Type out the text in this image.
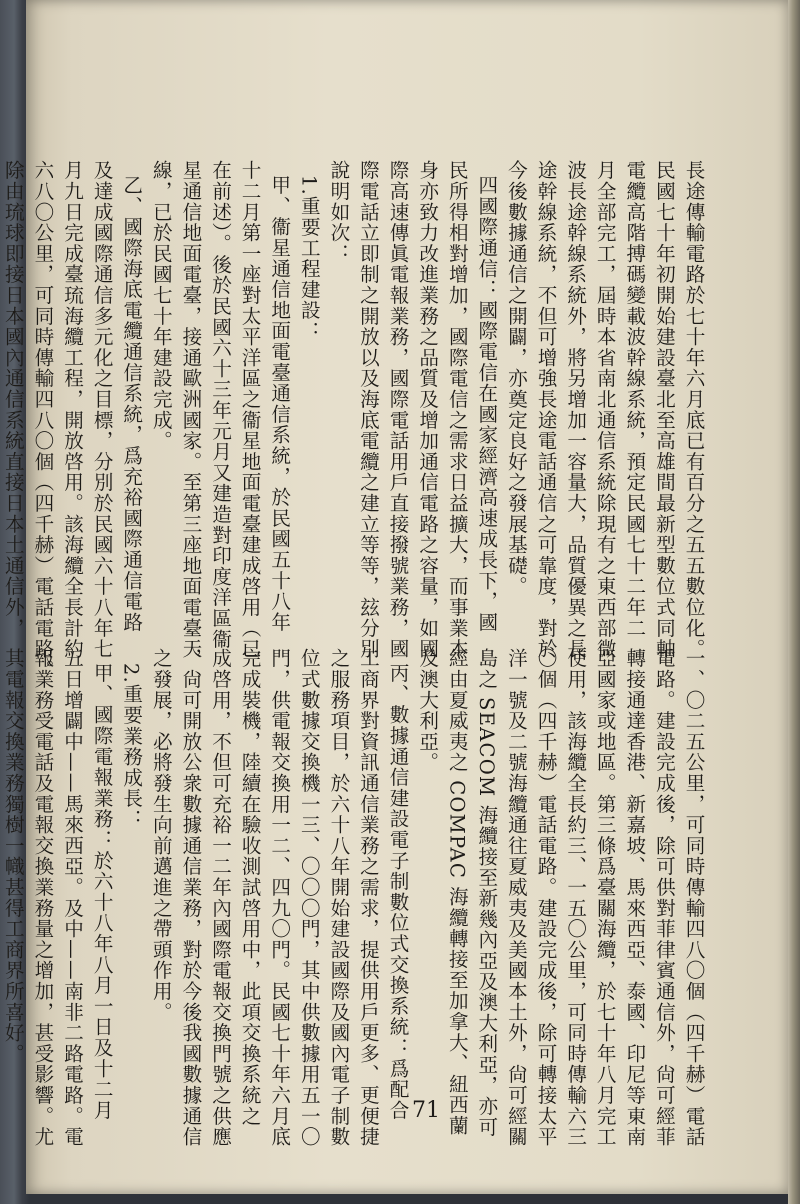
長途傳輸電路於七十年六月底已有百分之五五數位化。
民國七十年初開始建設臺北至高雄間最新型數位式同軸
電纜高階搏碼變載波幹線系統，預定民國七十二年二
月全部完工，屆時本省南北通信系統除現有之東西部微
波長途幹線系統外，將另增加一容量大，品質優異之長
途幹線系統，不但可增強長途電話通信之可靠度，對於
今後數據通信之開闢，亦奠定良好之發展基礎。
四國際通信：國際電信在國家經濟高速成長下，國
民所得相對增加，國際電信之需求日益擴大，而事業本
身亦致力改進業務之品質及增加通信電路之容量，如國
際高速傳眞電報業務，國際電話用戶直接撥號業務，國
際電話立即制之開放以及海底電纜之建立等等，玆分別
說明如次：
1.重要工程建設：
甲、衞星通信地面電臺通信系統，於民國五十八年
十二月第一座對太平洋區之衞星地面電臺建成啓用（已
在前述）。後於民國六十三年元月又建造對印度洋區衞
星通信地面電臺，接通歐洲國家。至第三座地面電臺天
線，已於民國七十年建設完成。
乙、國際海底電纜通信系統，爲充裕國際通信電路
及達成國際通信多元化之目標，分別於民國六十八年七
月九日完成臺琉海纜工程，開放啓用。該海纜全長計約
六八〇公里，可同時傳輸四八〇個（四千赫）電話電路。
除由琉球即接日本國內通信系統直接日本土通信外，
一、〇二五公里，可同時傳輸四八〇個（四千赫）電話
電路。建設完成後，除可供對菲律賓通信外，尙可經菲
轉接通達香港、新嘉坡、馬來西亞、泰國、印尼等東南
亞國家或地區。第三條爲臺關海纜，於七十年八月完工
使用，該海纜全長約三、一五〇公里，可同時傳輸六三
〇個（四千赫）電話電路。建設完成後，除可轉接太平
洋一號及二號海纜通往夏威夷及美國本土外，尙可經關
島之 SEACOM 海纜接至新幾內亞及澳大利亞，亦可
經由夏威夷之 COMPAC 海纜轉接至加拿大、紐西蘭
及澳大利亞。
丙、數據通信建設電子制數位式交換系統：爲配合
工商界對資訊通信業務之需求，提供用戶更多、更便捷
之服務項目，於六十八年開始建設國際及國內電子制數
位式數據交換機一三、〇〇〇門，其中供數據用五一〇
門，供電報交換用一二、四九〇門。民國七十年六月底
完成裝機，陸續在驗收測試啓用中，此項交換系統之
成啓用，不但可充裕一二年內國際電報交換門號之供應
，尙可開放公衆數據通信業務，對於今後我國數據通信
之發展，必將發生向前邁進之帶頭作用。
2.重要業務成長：
甲、國際電報業務：於六十八年八月一日及十二月
五日增闢中——馬來西亞。及中——南非二路電路。電
報業務受電話及電報交換業務量之增加，甚受影響。尤
其電報交換業務獨樹一幟甚得工商界所喜好。
71
